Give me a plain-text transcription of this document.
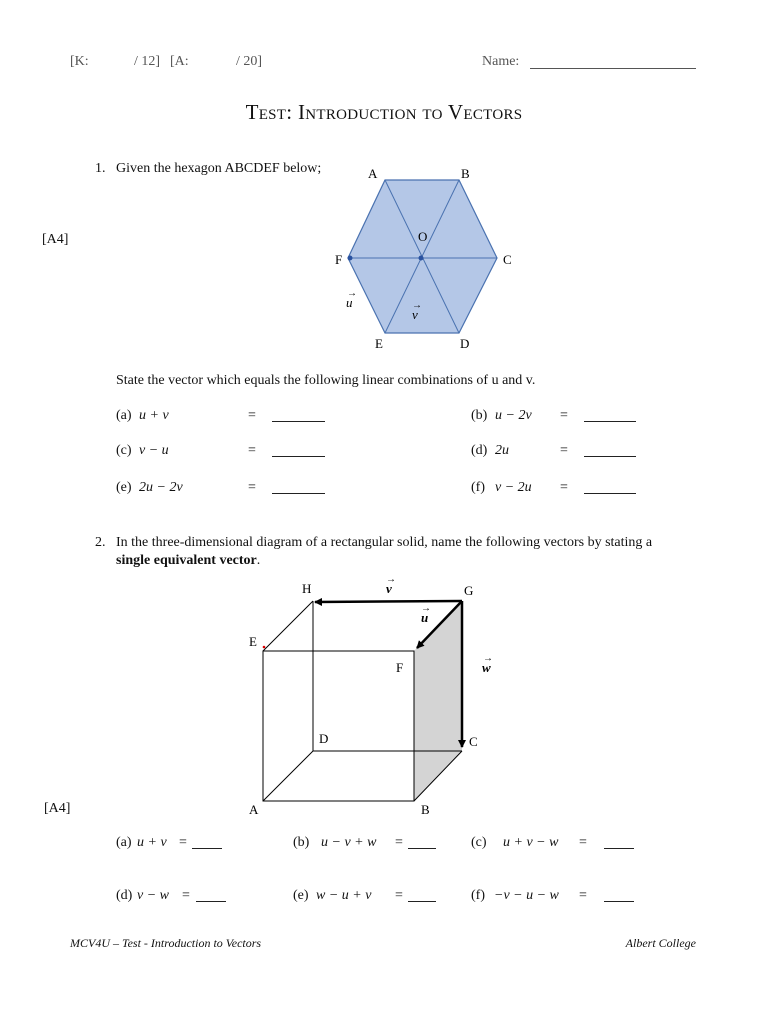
[K:	/ 12] [A:	/ 20]	Name:
Test: Introduction to Vectors
1. Given the hexagon ABCDEF below;
[A4]
A	B
C
D
E
F
O
u
→
v
→
State the vector which equals the following linear combinations of u and v.
(a) u + v	=	(b) u − 2v =
(c) v − u	=	(d) 2u	=
(e) 2u − 2v	=	(f) v − 2u =
2. In the three-dimensional diagram of a rectangular solid, name the following vectors by stating a
single equivalent vector.
[A4]
H	G
E
F
D	C
A	B
v
→
u
→
w
→
(a) u + v =	(b) u − v + w =	(c) u + v − w =
(d) v − w =	(e) w − u + v =	(f) −v − u − w =
MCV4U – Test - Introduction to Vectors	Albert College
